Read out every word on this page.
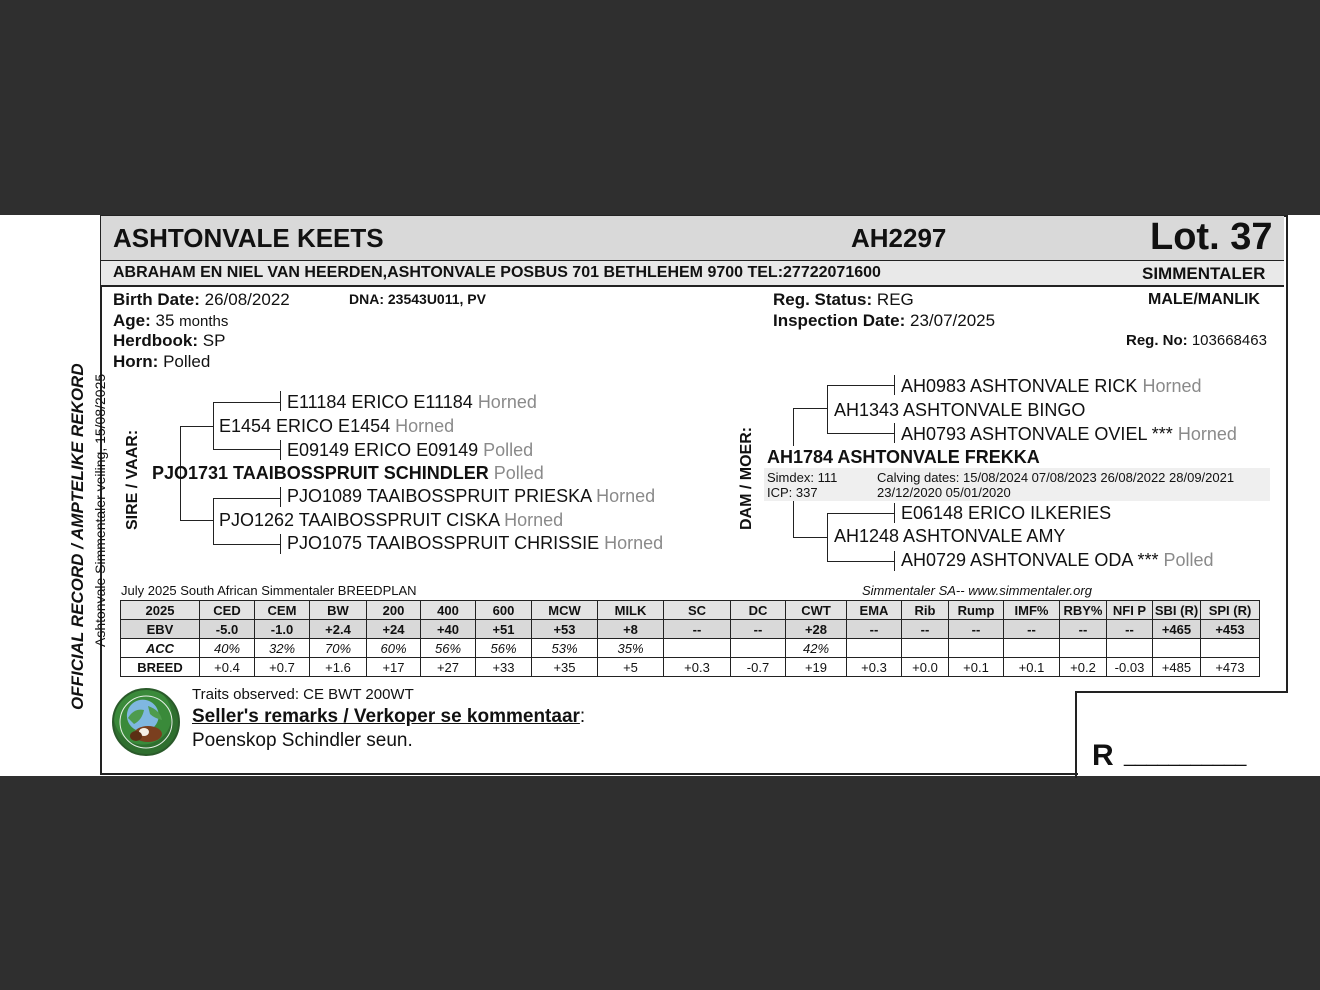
ASHTONVALE KEETS	AH2297	Lot. 37
ABRAHAM EN NIEL VAN HEERDEN,ASHTONVALE POSBUS 701 BETHLEHEM 9700 TEL:27722071600	SIMMENTALER
Birth Date: 26/08/2022	DNA: 23543U011, PV
Age: 35 months
Herdbook: SP
Horn: Polled
Reg. Status: REG
Inspection Date: 23/07/2025
MALE/MANLIK
Reg. No: 103668463
OFFICIAL RECORD / AMPTELIKE REKORD Ashtonvale Simmentaler veiling, 15/08/2025 SIRE / VAAR:
E11184 ERICO E11184 Horned
E1454 ERICO E1454 Horned
E09149 ERICO E09149 Polled
PJO1731 TAAIBOSSPRUIT SCHINDLER Polled
PJO1089 TAAIBOSSPRUIT PRIESKA Horned
PJO1262 TAAIBOSSPRUIT CISKA Horned
PJO1075 TAAIBOSSPRUIT CHRISSIE Horned
DAM / MOER:
AH0983 ASHTONVALE RICK Horned
AH1343 ASHTONVALE BINGO
AH0793 ASHTONVALE OVIEL *** Horned
AH1784 ASHTONVALE FREKKA
Simdex: 111
ICP: 337
Calving dates: 15/08/2024 07/08/2023 26/08/2022 28/09/2021
23/12/2020 05/01/2020
E06148 ERICO ILKERIES
AH1248 ASHTONVALE AMY
AH0729 ASHTONVALE ODA *** Polled
July 2025 South African Simmentaler BREEDPLAN	Simmentaler SA-- www.simmentaler.org
2025	CED	CEM	BW	200	400	600	MCW	MILK	SC	DC	CWT	EMA	Rib	Rump	IMF%	RBY%	NFI P	SBI (R)	SPI (R)
EBV	-5.0	-1.0	+2.4	+24	+40	+51	+53	+8	--	--	+28	--	--	--	--	--	--	+465	+453
ACC	40%	32%	70%	60%	56%	56%	53%	35%			42%								
BREED	+0.4	+0.7	+1.6	+17	+27	+33	+35	+5	+0.3	-0.7	+19	+0.3	+0.0	+0.1	+0.1	+0.2	-0.03	+485	+473
Traits observed: CE BWT 200WT
Seller's remarks / Verkoper se kommentaar:
Poenskop Schindler seun.	R ___________
